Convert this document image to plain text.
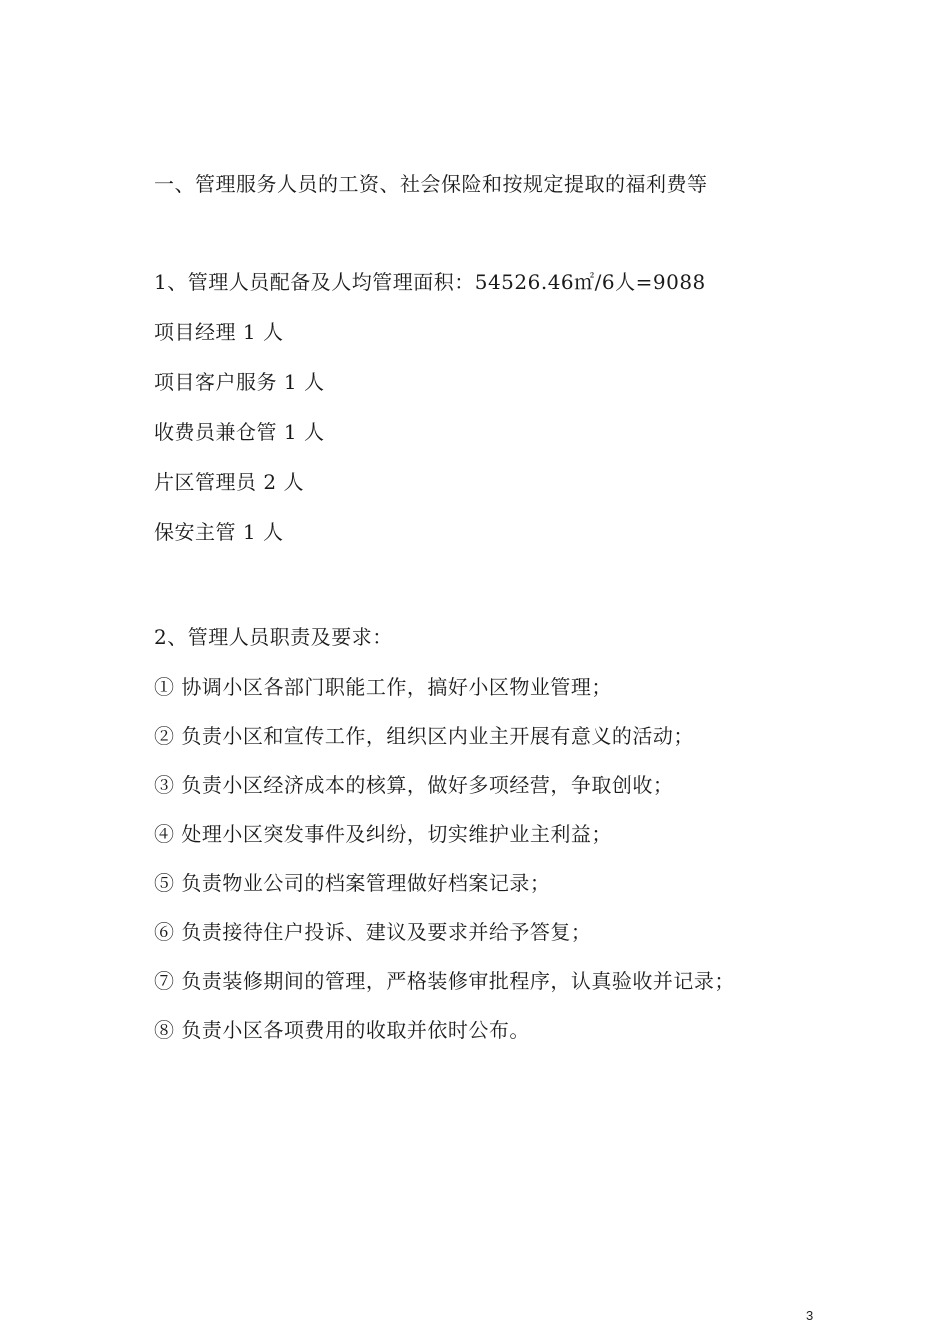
一、管理服务人员的工资、社会保险和按规定提取的福利费等
1、管理人员配备及人均管理面积：54526.46㎡/6人=9088
项目经理 1 人
项目客户服务 1 人
收费员兼仓管 1 人
片区管理员 2 人
保安主管 1 人
2、管理人员职责及要求：
① 协调小区各部门职能工作，搞好小区物业管理；
② 负责小区和宣传工作，组织区内业主开展有意义的活动；
③ 负责小区经济成本的核算，做好多项经营，争取创收；
④ 处理小区突发事件及纠纷，切实维护业主利益；
⑤ 负责物业公司的档案管理做好档案记录；
⑥ 负责接待住户投诉、建议及要求并给予答复；
⑦ 负责装修期间的管理，严格装修审批程序，认真验收并记录；
⑧ 负责小区各项费用的收取并依时公布。
3
